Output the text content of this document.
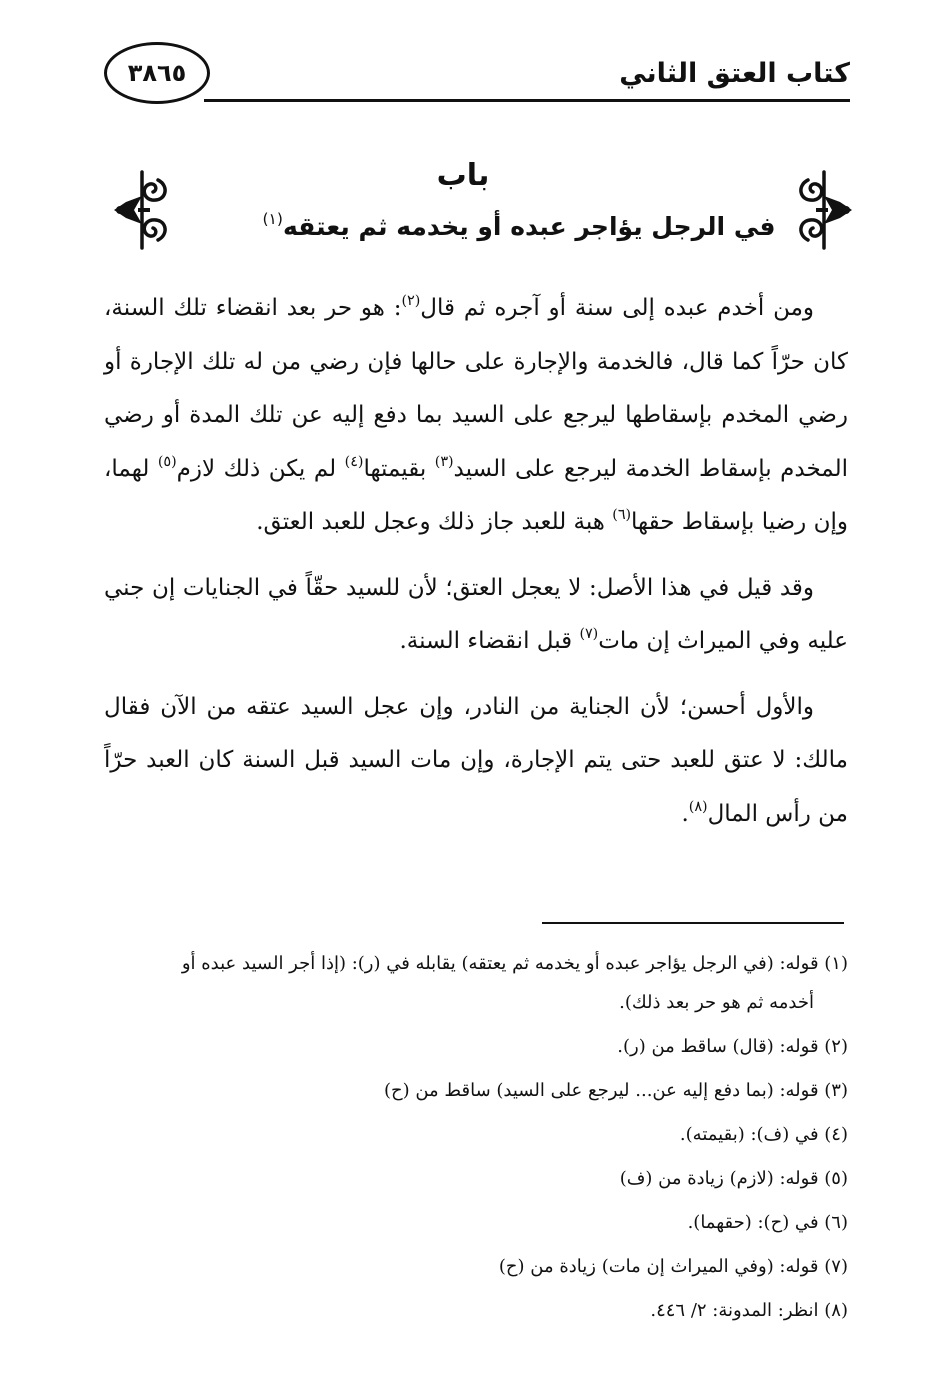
٣٨٦٥	كتاب العتق الثاني
باب
في الرجل يؤاجر عبده أو يخدمه ثم يعتقه$^{(١)}$

ومن أخدم عبده إلى سنة أو آجره ثم قال$^{(٢)}$: هو حر بعد انقضاء تلك السنة، كان حرّاً كما قال، فالخدمة والإجارة على حالها فإن رضي من له تلك الإجارة أو رضي المخدم بإسقاطها ليرجع على السيد بما دفع إليه عن تلك المدة أو رضي المخدم بإسقاط الخدمة ليرجع على السيد$^{(٣)}$ بقيمتها$^{(٤)}$ لم يكن ذلك لازم$^{(٥)}$ لهما، وإن رضيا بإسقاط حقها$^{(٦)}$ هبة للعبد جاز ذلك وعجل للعبد العتق.

وقد قيل في هذا الأصل: لا يعجل العتق؛ لأن للسيد حقّاً في الجنايات إن جني عليه وفي الميراث إن مات$^{(٧)}$ قبل انقضاء السنة.

والأول أحسن؛ لأن الجناية من النادر، وإن عجل السيد عتقه من الآن فقال مالك: لا عتق للعبد حتى يتم الإجارة، وإن مات السيد قبل السنة كان العبد حرّاً من رأس المال$^{(٨)}$.

(١) قوله: (في الرجل يؤاجر عبده أو يخدمه ثم يعتقه) يقابله في (ر): (إذا أجر السيد عبده أو
أخدمه ثم هو حر بعد ذلك).
(٢) قوله: (قال) ساقط من (ر).
(٣) قوله: (بما دفع إليه عن... ليرجع على السيد) ساقط من (ح)
(٤) في (ف): (بقيمته).
(٥) قوله: (لازم) زيادة من (ف)
(٦) في (ح): (حقهما).
(٧) قوله: (وفي الميراث إن مات) زيادة من (ح)
(٨) انظر: المدونة: ٢/ ٤٤٦.
